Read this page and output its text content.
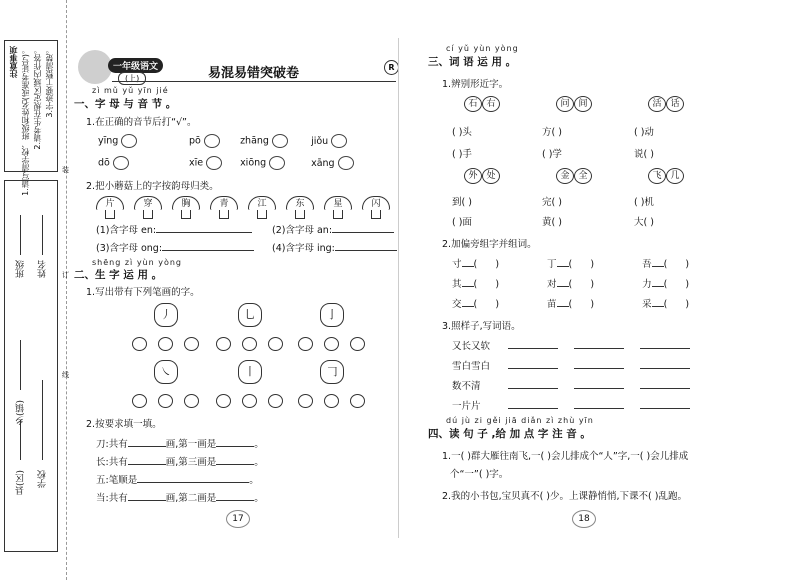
注意事项 1.请写清学校、班级和姓名(或准考证号)。 2.请考生在规定区域内作答。 3.字迹要工整清楚。
班级 姓名
县(区)
乡(镇)
学校
装
订
线
一年级语文
(上)	易混易错突破卷	R
zì mǔ yǔ yīn jié
一、字 母 与 音 节 。
1.在正确的音节后打“√”。
yīng	pō	zhāng	jiǒu
dō	xīe	xiōng	xāng
2.把小蘑菇上的字按韵母归类。
片	穿	胸	青	江	东	星	闪
(1)含字母 en:	(2)含字母 an:
(3)含字母 ong:	(4)含字母 ing:
shēng zì yùn yòng
二、生 字 运 用 。
1.写出带有下列笔画的字。
丿	乚	亅
㇏	丨	𠃌
2.按要求填一填。
刀:共有	画,第一画是	。
长:共有	画,第三画是	。
五:笔顺是	。
当:共有	画,第二画是	。
17
cí yǔ yùn yòng
三、词 语 运 用 。
1.辨别形近字。
石 右	问 间	活 话
( )头	方( )	( )动
( )手	( )学	说( )
外 处	金 全	飞 几
到( )	完( )	( )机
( )面	黄( )	大( )
2.加偏旁组字并组词。
寸 (      )	丁 (      )	吾 (      )
其 (      )	对 (      )	力 (      )
交 (      )	苗 (      )	采 (      )
3.照样子,写词语。
又长又软
雪白雪白
数不清
一片片
dú jù zi gěi jiā diǎn zì zhù yīn
四、读 句 子 ,给 加 点 字 注 音 。
1.一( )群大雁往南飞,一( )会儿排成个“人”字,一( )会儿排成
个“一”( )字。
2.我的小书包,宝贝真不( )少。上课静悄悄,下课不( )乱跑。
18
